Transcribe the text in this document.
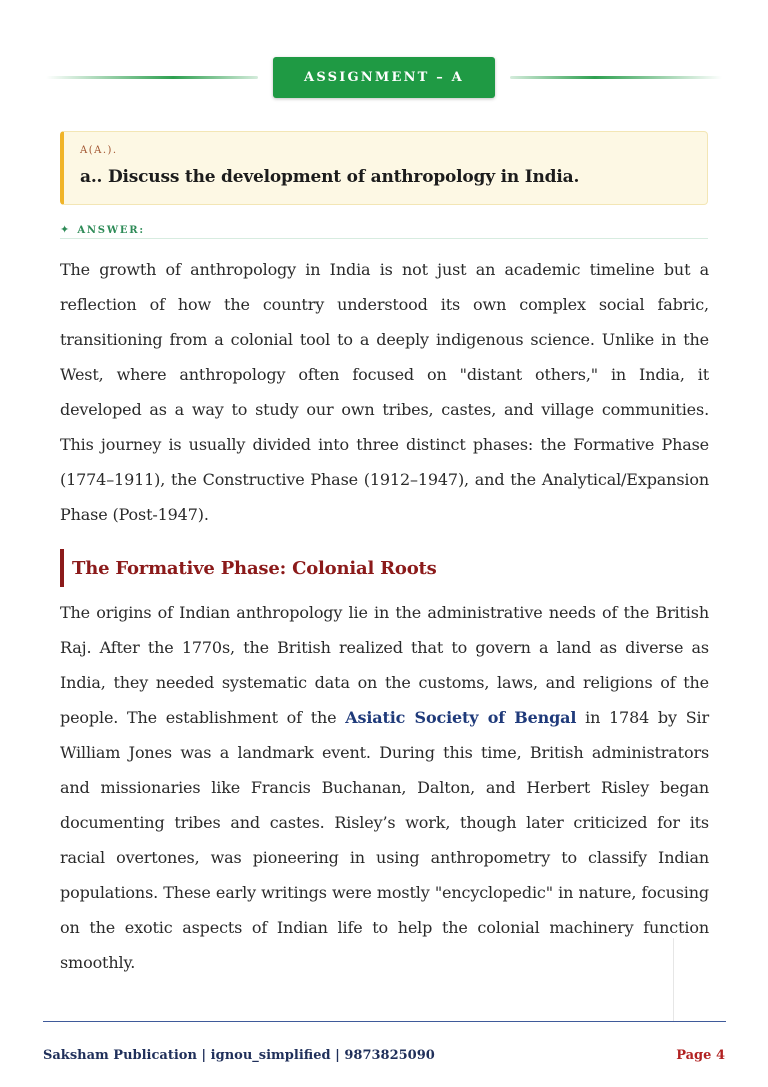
ASSIGNMENT – A
A(A.).
a.. Discuss the development of anthropology in India.
✦ ANSWER:

The growth of anthropology in India is not just an academic timeline but a reflection of how the country understood its own complex social fabric, transitioning from a colonial tool to a deeply indigenous science. Unlike in the West, where anthropology often focused on "distant others," in India, it developed as a way to study our own tribes, castes, and village communities. This journey is usually divided into three distinct phases: the Formative Phase (1774–1911), the Constructive Phase (1912–1947), and the Analytical/Expansion Phase (Post-1947).

The Formative Phase: Colonial Roots

The origins of Indian anthropology lie in the administrative needs of the British Raj. After the 1770s, the British realized that to govern a land as diverse as India, they needed systematic data on the customs, laws, and religions of the people. The establishment of the Asiatic Society of Bengal in 1784 by Sir William Jones was a landmark event. During this time, British administrators and missionaries like Francis Buchanan, Dalton, and Herbert Risley began documenting tribes and castes. Risley’s work, though later criticized for its racial overtones, was pioneering in using anthropometry to classify Indian populations. These early writings were mostly "encyclopedic" in nature, focusing on the exotic aspects of Indian life to help the colonial machinery function smoothly.

Saksham Publication | ignou_simplified | 9873825090	Page 4
